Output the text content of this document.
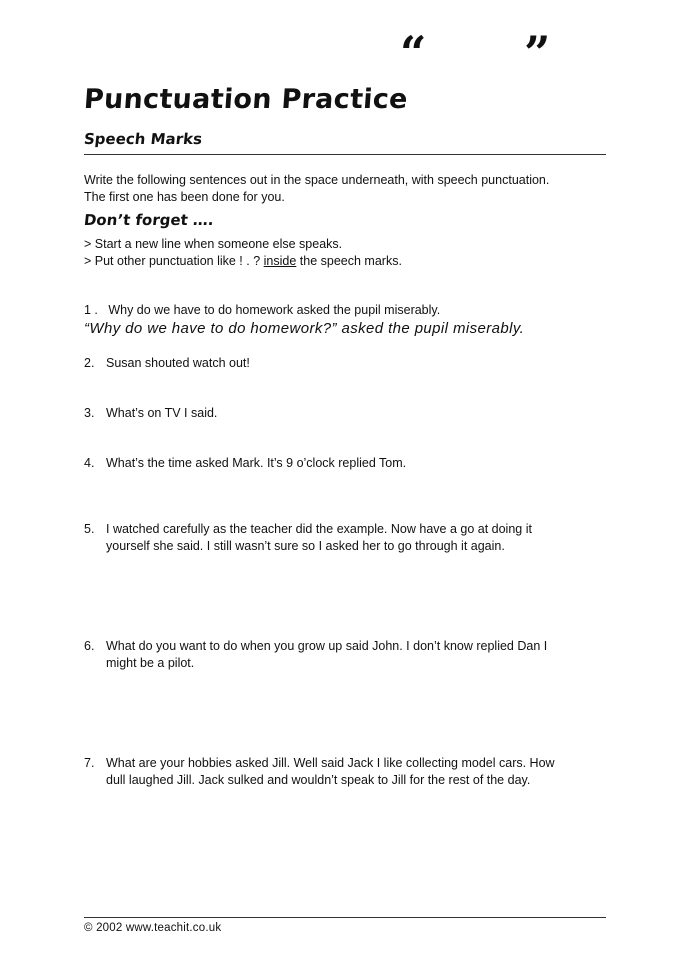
“ ”
Punctuation Practice
Speech Marks
Write the following sentences out in the space underneath, with speech punctuation.
The first one has been done for you.
Don’t forget ….

> Start a new line when someone else speaks.

> Put other punctuation like ! . ? inside the speech marks.

1 . Why do we have to do homework asked the pupil miserably.

“Why do we have to do homework?” asked the pupil miserably.

2. Susan shouted watch out!
3. What’s on TV I said.
4. What’s the time asked Mark. It’s 9 o’clock replied Tom.
5. I watched carefully as the teacher did the example. Now have a go at doing it
yourself she said. I still wasn’t sure so I asked her to go through it again.
6. What do you want to do when you grow up said John. I don’t know replied Dan I
might be a pilot.
7. What are your hobbies asked Jill. Well said Jack I like collecting model cars. How
dull laughed Jill. Jack sulked and wouldn’t speak to Jill for the rest of the day.
© 2002 www.teachit.co.uk
